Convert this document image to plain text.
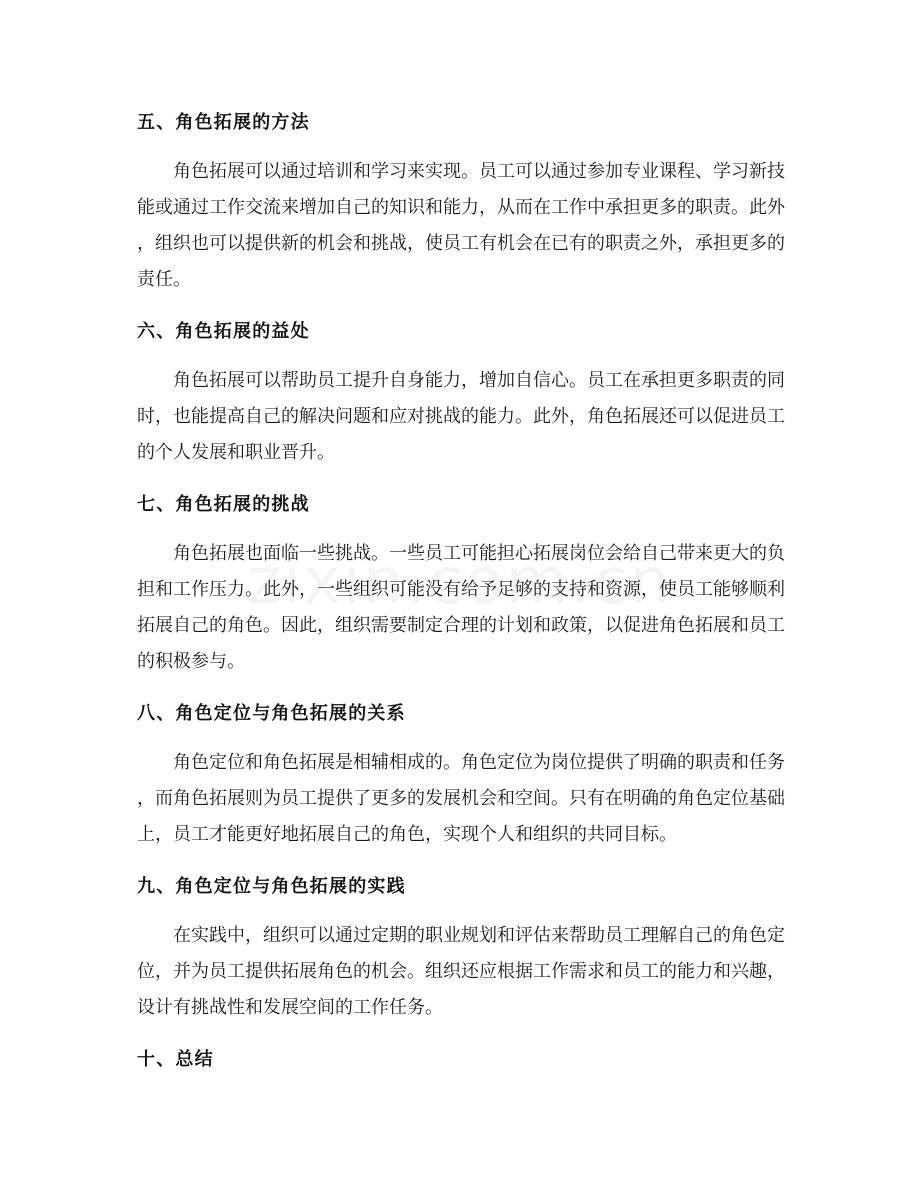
五、角色拓展的方法
角色拓展可以通过培训和学习来实现。员工可以通过参加专业课程、学习新技
能或通过工作交流来增加自己的知识和能力，从而在工作中承担更多的职责。此外
，组织也可以提供新的机会和挑战，使员工有机会在已有的职责之外，承担更多的
责任。
六、角色拓展的益处
角色拓展可以帮助员工提升自身能力，增加自信心。员工在承担更多职责的同
时，也能提高自己的解决问题和应对挑战的能力。此外，角色拓展还可以促进员工
的个人发展和职业晋升。
七、角色拓展的挑战
角色拓展也面临一些挑战。一些员工可能担心拓展岗位会给自己带来更大的负
担和工作压力。此外，一些组织可能没有给予足够的支持和资源，使员工能够顺利
拓展自己的角色。因此，组织需要制定合理的计划和政策，以促进角色拓展和员工
的积极参与。
八、角色定位与角色拓展的关系
角色定位和角色拓展是相辅相成的。角色定位为岗位提供了明确的职责和任务
，而角色拓展则为员工提供了更多的发展机会和空间。只有在明确的角色定位基础
上，员工才能更好地拓展自己的角色，实现个人和组织的共同目标。
九、角色定位与角色拓展的实践
在实践中，组织可以通过定期的职业规划和评估来帮助员工理解自己的角色定
位，并为员工提供拓展角色的机会。组织还应根据工作需求和员工的能力和兴趣，
设计有挑战性和发展空间的工作任务。
十、总结
